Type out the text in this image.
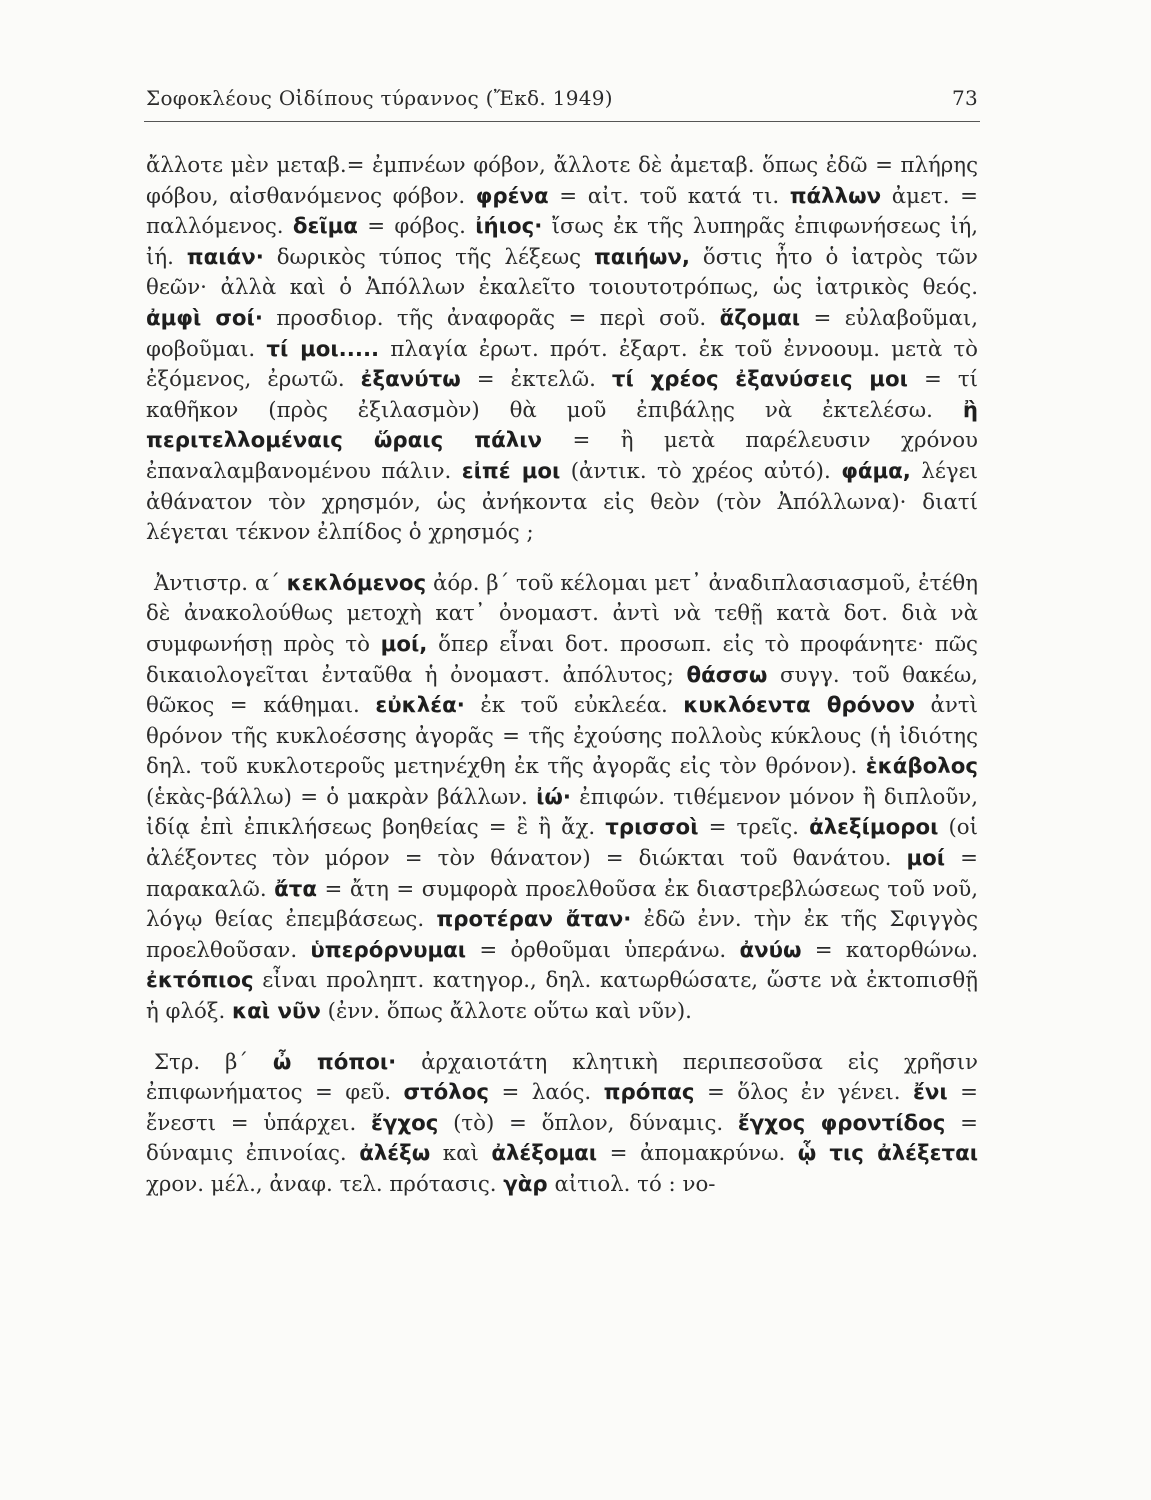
Σοφοκλέους Οἰδίπους τύραννος (Ἔκδ. 1949)	73

ἄλλοτε μὲν μεταβ.= ἐμπνέων φόβον, ἄλλοτε δὲ ἀμεταβ. ὅπως ἐδῶ = πλήρης φόβου, αἰσθανόμενος φόβον. φρένα = αἰτ. τοῦ κατά τι. πάλλων ἀμετ. = παλλόμενος. δεῖμα = φόβος. ἰήιος· ἴσως ἐκ τῆς λυπηρᾶς ἐπιφωνήσεως ἰή, ἰή. παιάν· δωρικὸς τύπος τῆς λέξεως παιήων, ὅστις ἦτο ὁ ἰατρὸς τῶν θεῶν· ἀλλὰ καὶ ὁ Ἀπόλλων ἐκαλεῖτο τοιουτοτρόπως, ὡς ἰατρικὸς θεός. ἀμφὶ σοί· προσδιορ. τῆς ἀναφορᾶς = περὶ σοῦ. ἅζομαι = εὐλαβοῦμαι, φοβοῦμαι. τί μοι..... πλαγία ἐρωτ. πρότ. ἐξαρτ. ἐκ τοῦ ἐννοουμ. μετὰ τὸ ἐξόμενος, ἐρωτῶ. ἐξανύτω = ἐκτελῶ. τί χρέος ἐξανύσεις μοι = τί καθῆκον (πρὸς ἐξιλασμὸν) θὰ μοῦ ἐπιβάλῃς νὰ ἐκτελέσω. ἢ περιτελλομέναις ὥραις πάλιν = ἢ μετὰ παρέλευσιν χρόνου ἐπαναλαμβανομένου πάλιν. εἰπέ μοι (ἀντικ. τὸ χρέος αὐτό). φάμα, λέγει ἀθάνατον τὸν χρησμόν, ὡς ἀνήκοντα εἰς θεὸν (τὸν Ἀπόλλωνα)· διατί λέγεται τέκνον ἐλπίδος ὁ χρησμός ;

Ἀντιστρ. α΄ κεκλόμενος ἀόρ. β΄ τοῦ κέλομαι μετ᾽ ἀναδιπλασιασμοῦ, ἐτέθη δὲ ἀνακολούθως μετοχὴ κατ᾽ ὀνομαστ. ἀντὶ νὰ τεθῇ κατὰ δοτ. διὰ νὰ συμφωνήσῃ πρὸς τὸ μοί, ὅπερ εἶναι δοτ. προσωπ. εἰς τὸ προφάνητε· πῶς δικαιολογεῖται ἐνταῦθα ἡ ὀνομαστ. ἀπόλυτος; θάσσω συγγ. τοῦ θακέω, θῶκος = κάθημαι. εὐκλέα· ἐκ τοῦ εὐκλεέα. κυκλόεντα θρόνον ἀντὶ θρόνον τῆς κυκλοέσσης ἀγορᾶς = τῆς ἐχούσης πολλοὺς κύκλους (ἡ ἰδιότης δηλ. τοῦ κυκλοτεροῦς μετηνέχθη ἐκ τῆς ἀγορᾶς εἰς τὸν θρόνον). ἑκάβολος (ἑκὰς-βάλλω) = ὁ μακρὰν βάλλων. ἰώ· ἐπιφών. τιθέμενον μόνον ἢ διπλοῦν, ἰδίᾳ ἐπὶ ἐπικλήσεως βοηθείας = ἒ ἢ ἄχ. τρισσοὶ = τρεῖς. ἀλεξίμοροι (οἱ ἀλέξοντες τὸν μόρον = τὸν θάνατον) = διώκται τοῦ θανάτου. μοί = παρακαλῶ. ἄτα = ἄτη = συμφορὰ προελθοῦσα ἐκ διαστρεβλώσεως τοῦ νοῦ, λόγῳ θείας ἐπεμβάσεως. προτέραν ἄταν· ἐδῶ ἐνν. τὴν ἐκ τῆς Σφιγγὸς προελθοῦσαν. ὑπερόρνυμαι = ὀρθοῦμαι ὑπεράνω. ἀνύω = κατορθώνω. ἐκτόπιος εἶναι προληπτ. κατηγορ., δηλ. κατωρθώσατε, ὥστε νὰ ἐκτοπισθῇ ἡ φλόξ. καὶ νῦν (ἐνν. ὅπως ἄλλοτε οὕτω καὶ νῦν).

Στρ. β΄ ὦ πόποι· ἀρχαιοτάτη κλητικὴ περιπεσοῦσα εἰς χρῆσιν ἐπιφωνήματος = φεῦ. στόλος = λαός. πρόπας = ὅλος ἐν γένει. ἔνι = ἔνεστι = ὑπάρχει. ἔγχος (τὸ) = ὅπλον, δύναμις. ἔγχος φροντίδος = δύναμις ἐπινοίας. ἀλέξω καὶ ἀλέξομαι = ἀπομακρύνω. ᾧ τις ἀλέξεται χρον. μέλ., ἀναφ. τελ. πρότασις. γὰρ αἰτιολ. τό : νο-
